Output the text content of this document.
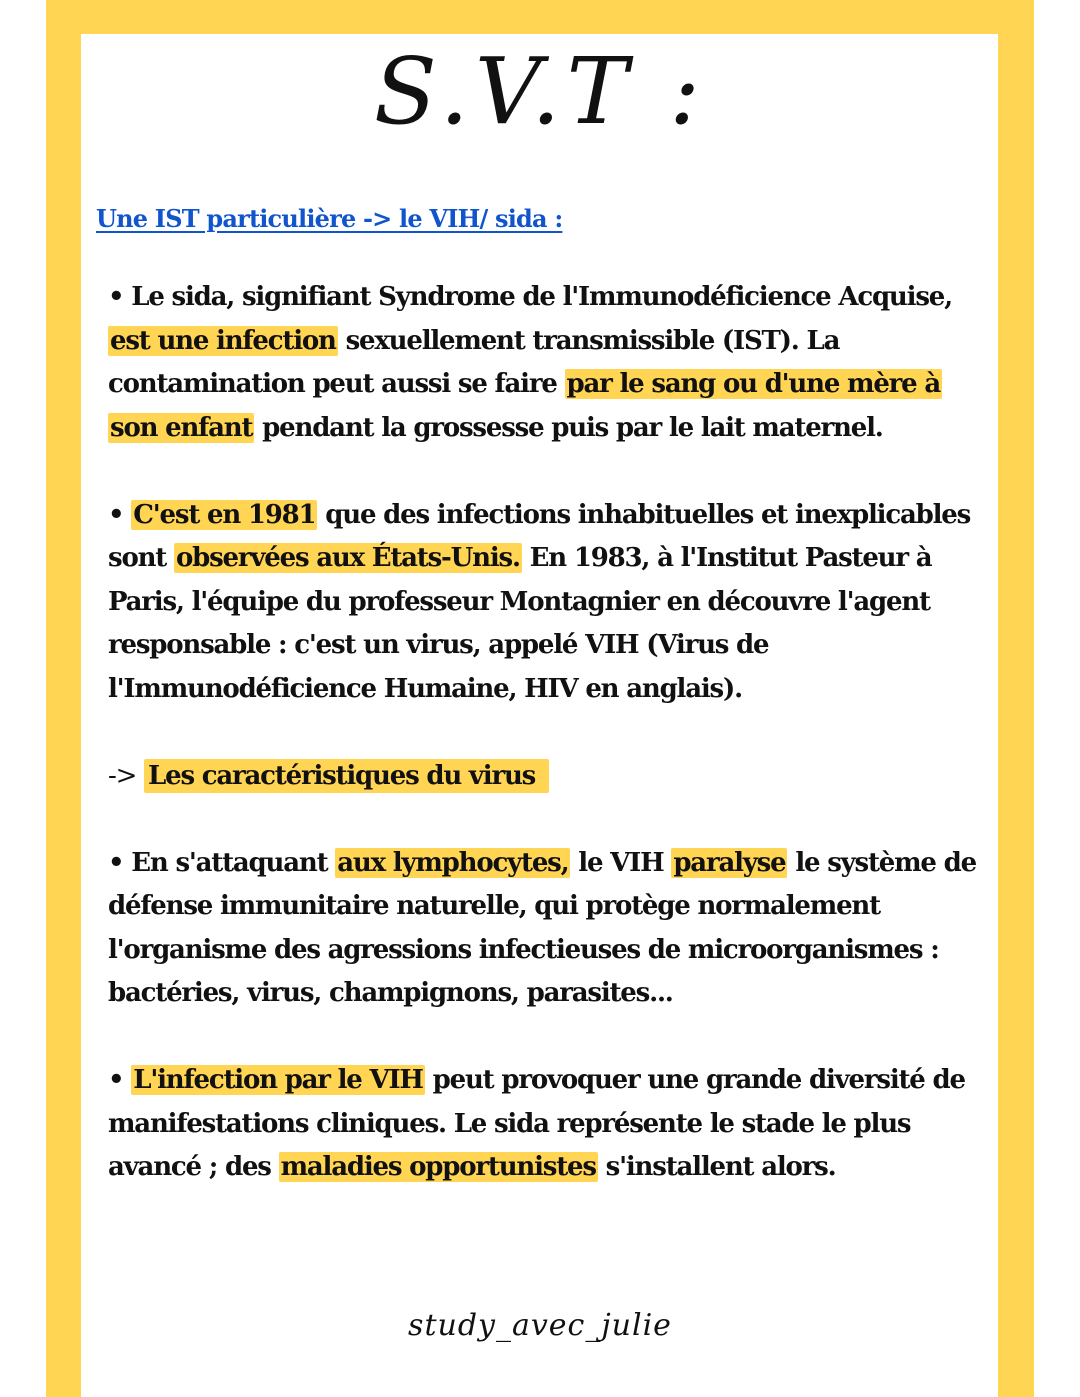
S.V.T :
Une IST particulière -> le VIH/ sida :

• Le sida, signifiant Syndrome de l'Immunodéficience Acquise, est une infection sexuellement transmissible (IST). La contamination peut aussi se faire par le sang ou d'une mère à son enfant pendant la grossesse puis par le lait maternel.

• C'est en 1981 que des infections inhabituelles et inexplicables sont observées aux États-Unis. En 1983, à l'Institut Pasteur à Paris, l'équipe du professeur Montagnier en découvre l'agent responsable : c'est un virus, appelé VIH (Virus de l'Immunodéficience Humaine, HIV en anglais).

-> Les caractéristiques du virus

• En s'attaquant aux lymphocytes, le VIH paralyse le système de défense immunitaire naturelle, qui protège normalement l'organisme des agressions infectieuses de microorganismes : bactéries, virus, champignons, parasites...

• L'infection par le VIH peut provoquer une grande diversité de manifestations cliniques. Le sida représente le stade le plus avancé ; des maladies opportunistes s'installent alors.

study_avec_julie
